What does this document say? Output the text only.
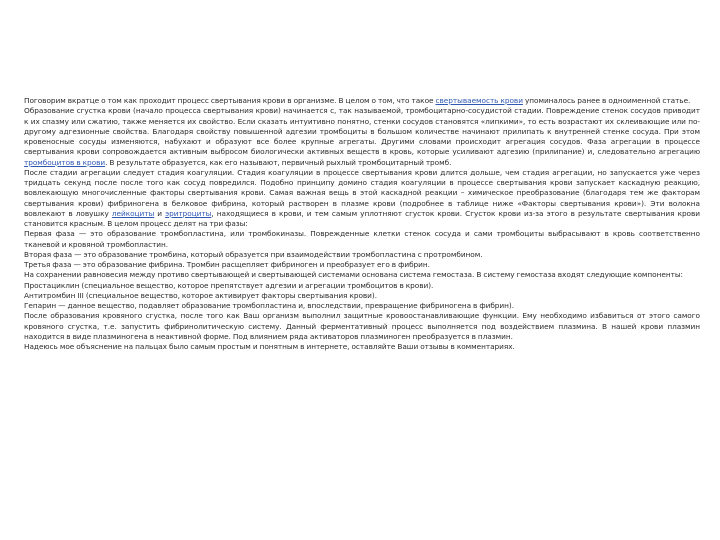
Поговорим вкратце о том как проходит процесс свертывания крови в организме. В целом о том, что такое свертываемость крови упоминалось ранее в одноименной статье.

Образование сгустка крови (начало процесса свертывания крови) начинается с, так называемой, тромбоцитарно-сосудистой стадии. Повреждение стенок сосудов приводит к их спазму или сжатию, также меняется их свойство. Если сказать интуитивно понятно, стенки сосудов становятся «липкими», то есть возрастают их склеивающие или по-другому адгезионные свойства. Благодаря свойству повышенной адгезии тромбоциты в большом количестве начинают прилипать к внутренней стенке сосуда. При этом кровеносные сосуды изменяются, набухают и образуют все более крупные агрегаты. Другими словами происходит агрегация сосудов. Фаза агрегации в процессе свертывания крови сопровождается активным выбросом биологически активных веществ в кровь, которые усиливают адгезию (прилипание) и, следовательно агрегацию тромбоцитов в крови. В результате образуется, как его называют, первичный рыхлый тромбоцитарный тромб.

После стадии агрегации следует стадия коагуляции. Стадия коагуляции в процессе свертывания крови длится дольше, чем стадия агрегации, но запускается уже через тридцать секунд после после того как сосуд повредился. Подобно принципу домино стадия коагуляции в процессе свертывания крови запускает каскадную реакцию, вовлекающую многочисленные факторы свертывания крови. Самая важная вещь в этой каскадной реакции – химическое преобразование (благодаря тем же факторам свертывания крови) фибриногена в белковое фибрина, который растворен в плазме крови (подробнее в таблице ниже «Факторы свертывания крови»). Эти волокна вовлекают в ловушку лейкоциты и эритроциты, находящиеся в крови, и тем самым уплотняют сгусток крови. Сгусток крови из-за этого в результате свертывания крови становится красным. В целом процесс делят на три фазы:

Первая фаза — это образование тромбопластина, или тромбокиназы. Поврежденные клетки стенок сосуда и сами тромбоциты выбрасывают в кровь соответственно тканевой и кровяной тромбопластин.

Вторая фаза — это образование тромбина, который образуется при взаимодействии тромбопластина с протромбином.

Третья фаза — это образование фибрина. Тромбин расщепляет фибриноген и преобразует его в фибрин.

На сохранении равновесия между противо свертывающей и свертывающей системами основана система гемостаза. В систему гемостаза входят следующие компоненты:

Простациклин (специальное вещество, которое препятствует адгезии и агрегации тромбоцитов в крови).

Антитромбин III (специальное вещество, которое активирует факторы свертывания крови).

Гепарин — данное вещество, подавляет образование тромбопластина и, впоследствии, превращение фибриногена в фибрин).

После образования кровяного сгустка, после того как Ваш организм выполнил защитные кровоостанавливающие функции. Ему необходимо избавиться от этого самого кровяного сгустка, т.е. запустить фибринолитическую систему. Данный ферментативный процесс выполняется под воздействием плазмина. В нашей крови плазмин находится в виде плазминогена в неактивной форме. Под влиянием ряда активаторов плазминоген преобразуется в плазмин.

Надеюсь мое объяснение на пальцах было самым простым и понятным в интернете, оставляйте Ваши отзывы в комментариях.
